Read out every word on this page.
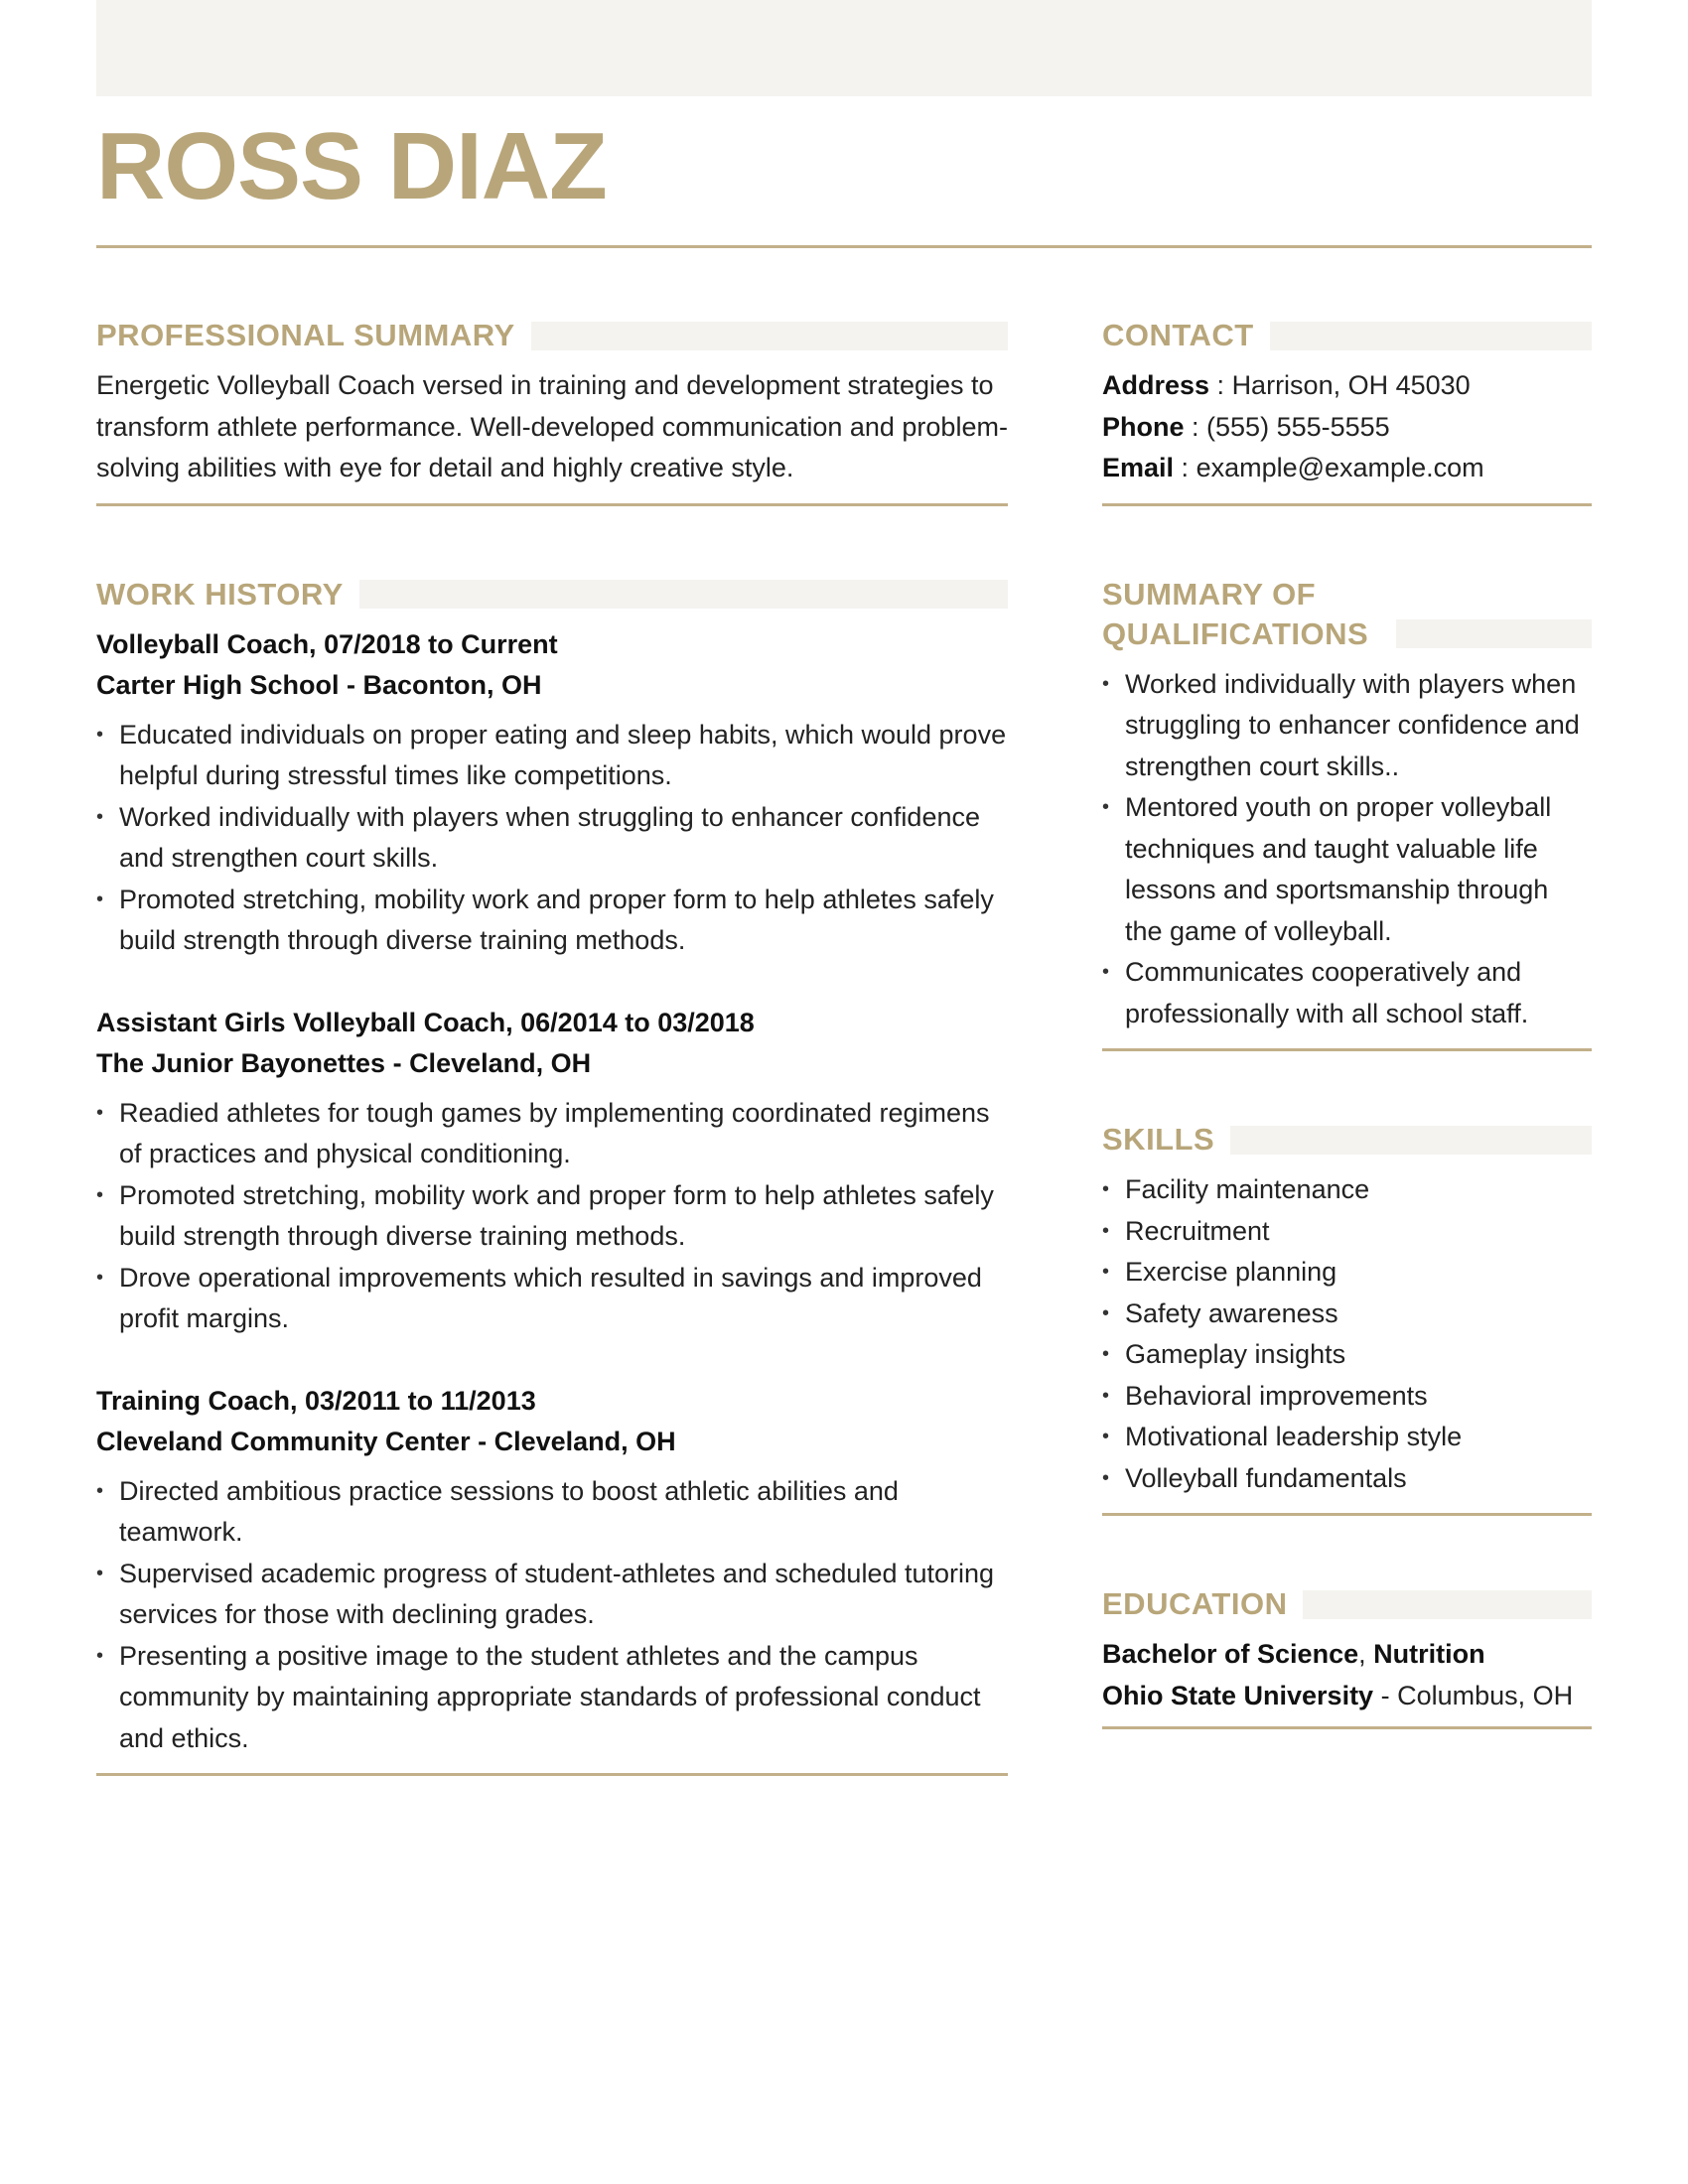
ROSS DIAZ
PROFESSIONAL SUMMARY
Energetic Volleyball Coach versed in training and development strategies to transform athlete performance. Well-developed communication and problem-solving abilities with eye for detail and highly creative style.
WORK HISTORY
Volleyball Coach, 07/2018 to Current
Carter High School - Baconton, OH
• Educated individuals on proper eating and sleep habits, which would prove helpful during stressful times like competitions.
• Worked individually with players when struggling to enhancer confidence and strengthen court skills.
• Promoted stretching, mobility work and proper form to help athletes safely build strength through diverse training methods.
Assistant Girls Volleyball Coach, 06/2014 to 03/2018
The Junior Bayonettes - Cleveland, OH
• Readied athletes for tough games by implementing coordinated regimens of practices and physical conditioning.
• Promoted stretching, mobility work and proper form to help athletes safely build strength through diverse training methods.
• Drove operational improvements which resulted in savings and improved profit margins.
Training Coach, 03/2011 to 11/2013
Cleveland Community Center - Cleveland, OH
• Directed ambitious practice sessions to boost athletic abilities and teamwork.
• Supervised academic progress of student-athletes and scheduled tutoring services for those with declining grades.
• Presenting a positive image to the student athletes and the campus community by maintaining appropriate standards of professional conduct and ethics.
CONTACT
Address : Harrison, OH 45030
Phone : (555) 555-5555
Email : example@example.com
SUMMARY OF QUALIFICATIONS
• Worked individually with players when struggling to enhancer confidence and strengthen court skills..
• Mentored youth on proper volleyball techniques and taught valuable life lessons and sportsmanship through the game of volleyball.
• Communicates cooperatively and professionally with all school staff.
SKILLS
• Facility maintenance
• Recruitment
• Exercise planning
• Safety awareness
• Gameplay insights
• Behavioral improvements
• Motivational leadership style
• Volleyball fundamentals
EDUCATION
Bachelor of Science, Nutrition
Ohio State University - Columbus, OH
